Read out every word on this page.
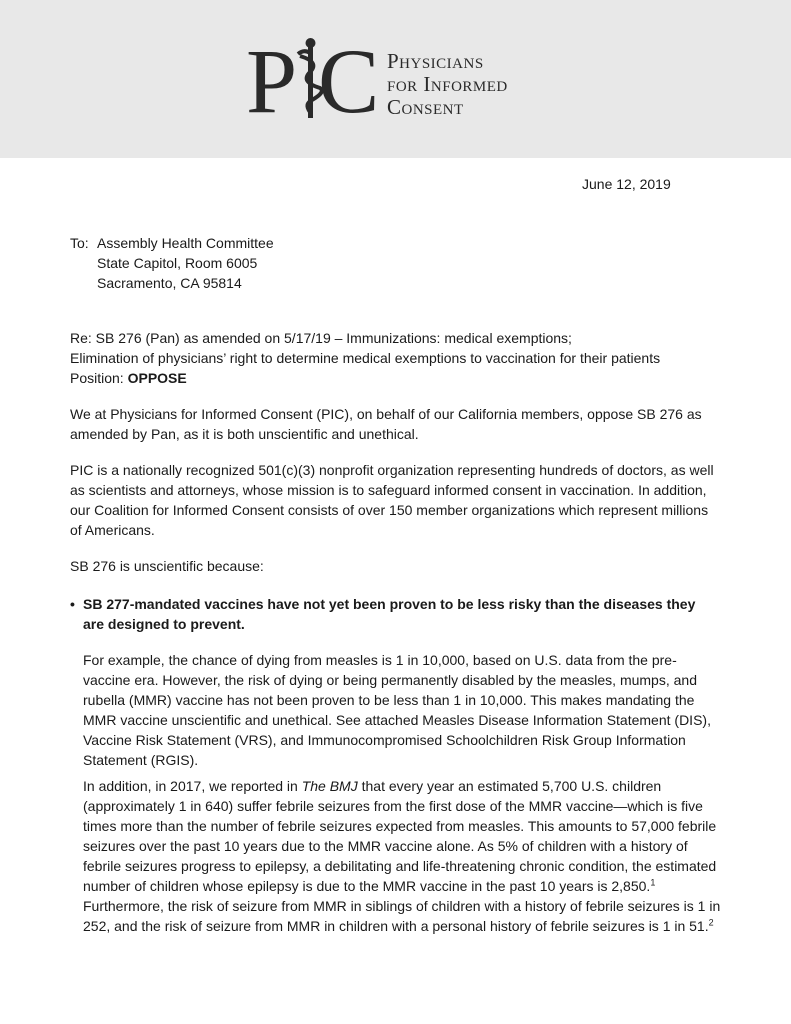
P C Physicians
for Informed
Consent
June 12, 2019
To: Assembly Health Committee
State Capitol, Room 6005
Sacramento, CA 95814
Re: SB 276 (Pan) as amended on 5/17/19 – Immunizations: medical exemptions;
Elimination of physicians’ right to determine medical exemptions to vaccination for their patients
Position: OPPOSE

We at Physicians for Informed Consent (PIC), on behalf of our California members, oppose SB 276 as amended by Pan, as it is both unscientific and unethical.

PIC is a nationally recognized 501(c)(3) nonprofit organization representing hundreds of doctors, as well as scientists and attorneys, whose mission is to safeguard informed consent in vaccination. In addition, our Coalition for Informed Consent consists of over 150 member organizations which represent millions of Americans.

SB 276 is unscientific because:

• SB 277-mandated vaccines have not yet been proven to be less risky than the diseases they are designed to prevent.

For example, the chance of dying from measles is 1 in 10,000, based on U.S. data from the pre-vaccine era. However, the risk of dying or being permanently disabled by the measles, mumps, and rubella (MMR) vaccine has not been proven to be less than 1 in 10,000. This makes mandating the MMR vaccine unscientific and unethical. See attached Measles Disease Information Statement (DIS), Vaccine Risk Statement (VRS), and Immunocompromised Schoolchildren Risk Group Information Statement (RGIS).

In addition, in 2017, we reported in The BMJ that every year an estimated 5,700 U.S. children (approximately 1 in 640) suffer febrile seizures from the first dose of the MMR vaccine—which is five times more than the number of febrile seizures expected from measles. This amounts to 57,000 febrile seizures over the past 10 years due to the MMR vaccine alone. As 5% of children with a history of febrile seizures progress to epilepsy, a debilitating and life-threatening chronic condition, the estimated number of children whose epilepsy is due to the MMR vaccine in the past 10 years is 2,850.$^1$ Furthermore, the risk of seizure from MMR in siblings of children with a history of febrile seizures is 1 in 252, and the risk of seizure from MMR in children with a personal history of febrile seizures is 1 in 51.$^2$
